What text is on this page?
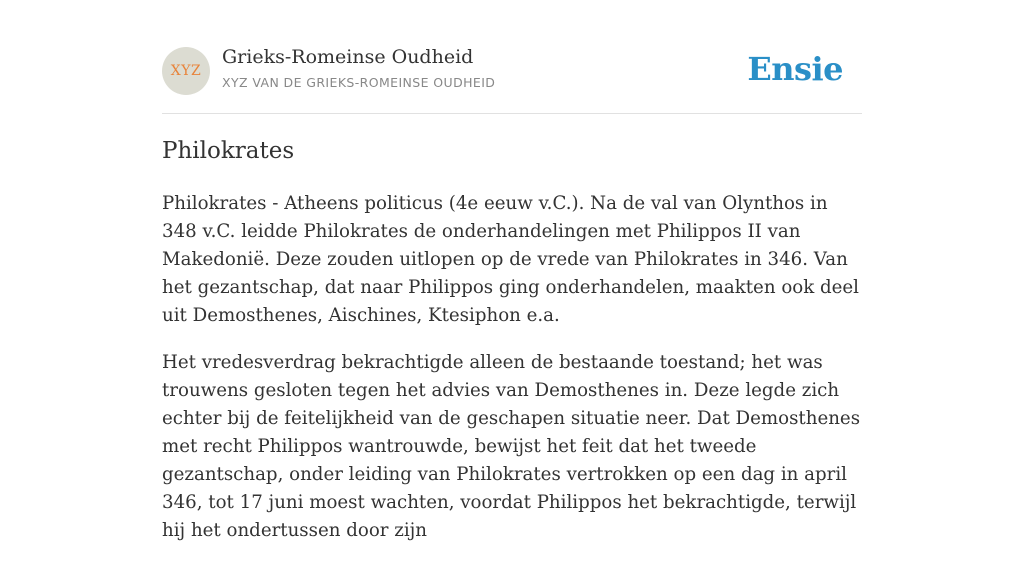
XYZ
Grieks-Romeinse Oudheid
XYZ VAN DE GRIEKS-ROMEINSE OUDHEID	Ensie
Philokrates

Philokrates - Atheens politicus (4e eeuw v.C.). Na de val van Olynthos in 348 v.C. leidde Philokrates de onderhandelingen met Philippos II van Makedonië. Deze zouden uitlopen op de vrede van Philokrates in 346. Van het gezantschap, dat naar Philippos ging onderhandelen, maakten ook deel uit Demosthenes, Aischines, Ktesiphon e.a.

Het vredesverdrag bekrachtigde alleen de bestaande toestand; het was trouwens gesloten tegen het advies van Demosthenes in. Deze legde zich echter bij de feitelijkheid van de geschapen situatie neer. Dat Demosthenes met recht Philippos wantrouwde, bewijst het feit dat het tweede gezantschap, onder leiding van Philokrates vertrokken op een dag in april 346, tot 17 juni moest wachten, voordat Philippos het bekrachtigde, terwijl hij het ondertussen door zijn
